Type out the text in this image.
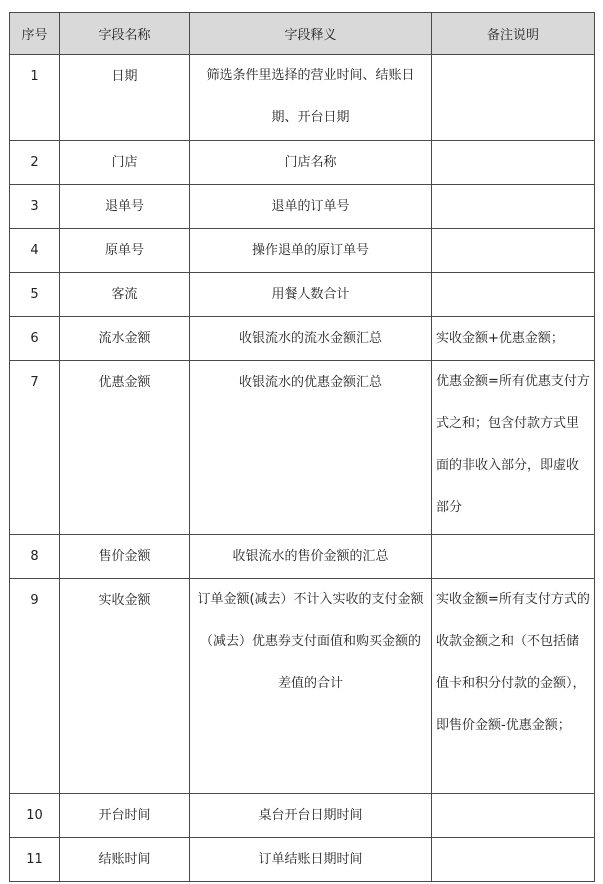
序号	字段名称	字段释义	备注说明

1	日期	筛选条件里选择的营业时间、结账日期、开台日期	

2	门店	门店名称	

3	退单号	退单的订单号	

4	原单号	操作退单的原订单号	

5	客流	用餐人数合计	

6	流水金额	收银流水的流水金额汇总	实收金额+优惠金额；

7	优惠金额	收银流水的优惠金额汇总	优惠金额=所有优惠支付方式之和；包含付款方式里面的非收入部分，即虚收部分

8	售价金额	收银流水的售价金额的汇总	

9	实收金额	订单金额(减去）不计入实收的支付金额（减去）优惠券支付面值和购买金额的差值的合计	实收金额=所有支付方式的收款金额之和（不包括储值卡和积分付款的金额），即售价金额-优惠金额；

10	开台时间	桌台开台日期时间	

11	结账时间	订单结账日期时间	
